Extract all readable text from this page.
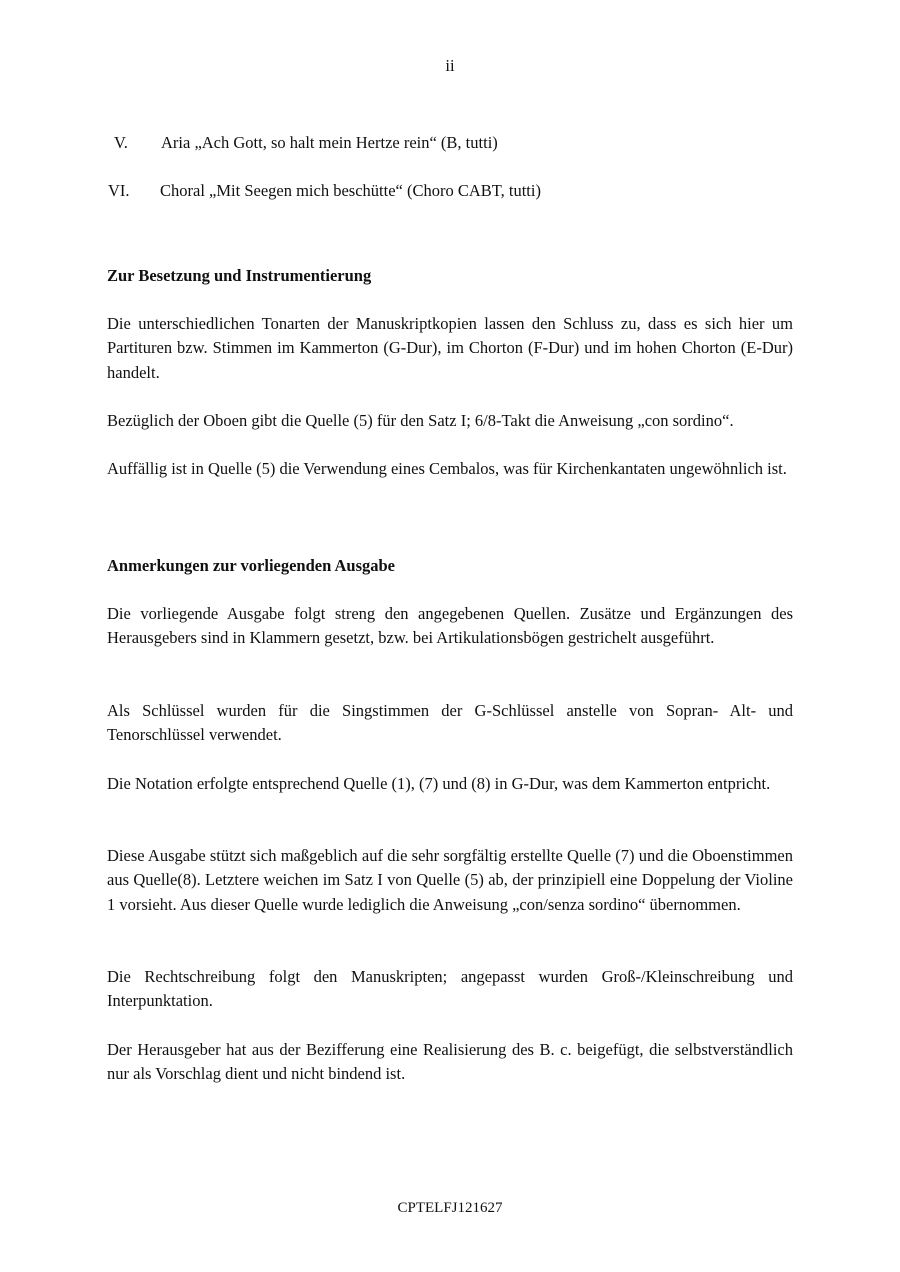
ii
V. Aria „Ach Gott, so halt mein Hertze rein“ (B, tutti)
VI. Choral „Mit Seegen mich beschütte“ (Choro CABT, tutti)
Zur Besetzung und Instrumentierung

Die unterschiedlichen Tonarten der Manuskriptkopien lassen den Schluss zu, dass es sich hier um Partituren bzw. Stimmen im Kammerton (G-Dur), im Chorton (F-Dur) und im hohen Chorton (E-Dur) handelt.

Bezüglich der Oboen gibt die Quelle (5) für den Satz I; 6/8-Takt die Anweisung „con sordino“.

Auffällig ist in Quelle (5) die Verwendung eines Cembalos, was für Kirchenkantaten ungewöhnlich ist.

Anmerkungen zur vorliegenden Ausgabe

Die vorliegende Ausgabe folgt streng den angegebenen Quellen. Zusätze und Ergänzungen des Herausgebers sind in Klammern gesetzt, bzw. bei Artikulationsbögen gestrichelt ausgeführt.

Als Schlüssel wurden für die Singstimmen der G-Schlüssel anstelle von Sopran- Alt- und Tenorschlüssel verwendet.

Die Notation erfolgte entsprechend Quelle (1), (7) und (8) in G-Dur, was dem Kammerton entpricht.

Diese Ausgabe stützt sich maßgeblich auf die sehr sorgfältig erstellte Quelle (7) und die Oboenstimmen aus Quelle(8). Letztere weichen im Satz I von Quelle (5) ab, der prinzipiell eine Doppelung der Violine 1 vorsieht. Aus dieser Quelle wurde lediglich die Anweisung „con/senza sordino“ übernommen.

Die Rechtschreibung folgt den Manuskripten; angepasst wurden Groß-/Kleinschreibung und Interpunktation.

Der Herausgeber hat aus der Bezifferung eine Realisierung des B. c. beigefügt, die selbstverständlich nur als Vorschlag dient und nicht bindend ist.

CPTELFJ121627
